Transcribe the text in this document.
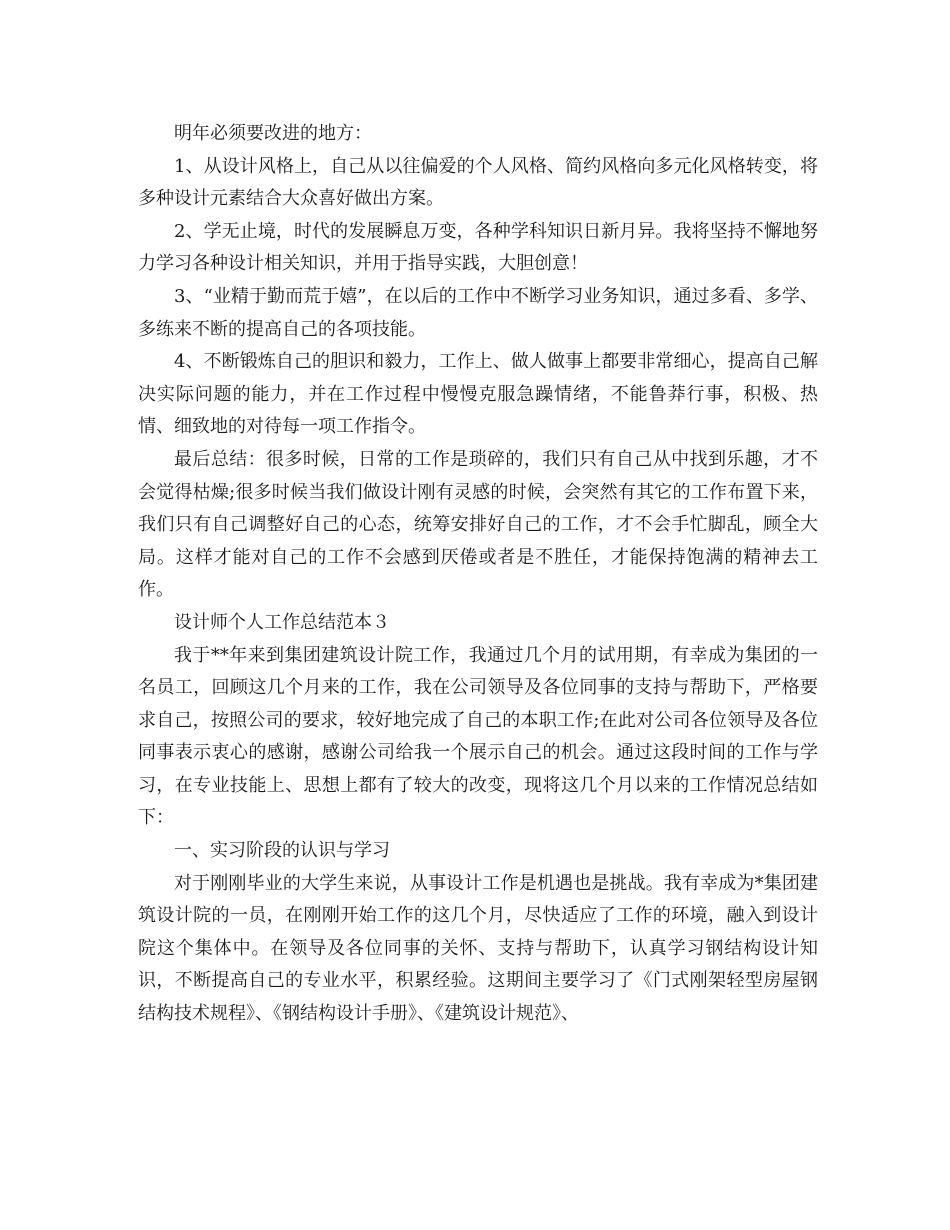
明年必须要改进的地方：

1、从设计风格上，自己从以往偏爱的个人风格、简约风格向多元化风格转变，将多种设计元素结合大众喜好做出方案。

2、学无止境，时代的发展瞬息万变，各种学科知识日新月异。我将坚持不懈地努力学习各种设计相关知识，并用于指导实践，大胆创意！

3、“业精于勤而荒于嬉”，在以后的工作中不断学习业务知识，通过多看、多学、多练来不断的提高自己的各项技能。

4、不断锻炼自己的胆识和毅力，工作上、做人做事上都要非常细心，提高自己解决实际问题的能力，并在工作过程中慢慢克服急躁情绪，不能鲁莽行事，积极、热情、细致地的对待每一项工作指令。

最后总结：很多时候，日常的工作是琐碎的，我们只有自己从中找到乐趣，才不会觉得枯燥;很多时候当我们做设计刚有灵感的时候，会突然有其它的工作布置下来，我们只有自己调整好自己的心态，统筹安排好自己的工作，才不会手忙脚乱，顾全大局。这样才能对自己的工作不会感到厌倦或者是不胜任，才能保持饱满的精神去工作。

设计师个人工作总结范本３

我于**年来到集团建筑设计院工作，我通过几个月的试用期，有幸成为集团的一名员工，回顾这几个月来的工作，我在公司领导及各位同事的支持与帮助下，严格要求自己，按照公司的要求，较好地完成了自己的本职工作;在此对公司各位领导及各位同事表示衷心的感谢，感谢公司给我一个展示自己的机会。通过这段时间的工作与学习，在专业技能上、思想上都有了较大的改变，现将这几个月以来的工作情况总结如下：

一、实习阶段的认识与学习

对于刚刚毕业的大学生来说，从事设计工作是机遇也是挑战。我有幸成为*集团建筑设计院的一员，在刚刚开始工作的这几个月，尽快适应了工作的环境，融入到设计院这个集体中。在领导及各位同事的关怀、支持与帮助下，认真学习钢结构设计知识，不断提高自己的专业水平，积累经验。这期间主要学习了《门式刚架轻型房屋钢结构技术规程》、《钢结构设计手册》、《建筑设计规范》、
